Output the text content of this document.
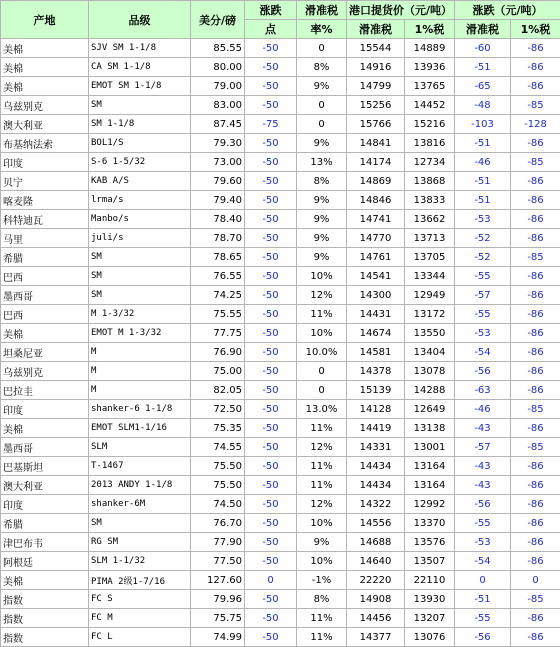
产地	品级	美分/磅	涨跌	滑准税	港口提货价（元/吨）		涨跌（元/吨）	
			点	率%	滑准税	1%税	滑准税	1%税
美棉	SJV SM 1-1/8	85.55	-50	0	15544	14889	-60	-86
美棉	CA SM 1-1/8	80.00	-50	8%	14916	13936	-51	-86
美棉	EMOT SM 1-1/8	79.00	-50	9%	14799	13765	-65	-86
乌兹别克	SM	83.00	-50	0	15256	14452	-48	-85
澳大利亚	SM 1-1/8	87.45	-75	0	15766	15216	-103	-128
布基纳法索	BOL1/S	79.30	-50	9%	14841	13816	-51	-86
印度	S-6 1-5/32	73.00	-50	13%	14174	12734	-46	-85
贝宁	KAB A/S	79.60	-50	8%	14869	13868	-51	-86
喀麦隆	lrma/s	79.40	-50	9%	14846	13833	-51	-86
科特迪瓦	Manbo/s	78.40	-50	9%	14741	13662	-53	-86
马里	juli/s	78.70	-50	9%	14770	13713	-52	-86
希腊	SM	78.65	-50	9%	14761	13705	-52	-85
巴西	SM	76.55	-50	10%	14541	13344	-55	-86
墨西哥	SM	74.25	-50	12%	14300	12949	-57	-86
巴西	M 1-3/32	75.55	-50	11%	14431	13172	-55	-86
美棉	EMOT M 1-3/32	77.75	-50	10%	14674	13550	-53	-86
坦桑尼亚	M	76.90	-50	10.0%	14581	13404	-54	-86
乌兹别克	M	75.00	-50	0	14378	13078	-56	-86
巴拉圭	M	82.05	-50	0	15139	14288	-63	-86
印度	shanker-6 1-1/8	72.50	-50	13.0%	14128	12649	-46	-85
美棉	EMOT SLM1-1/16	75.35	-50	11%	14419	13138	-43	-86
墨西哥	SLM	74.55	-50	12%	14331	13001	-57	-85
巴基斯坦	T-1467	75.50	-50	11%	14434	13164	-43	-86
澳大利亚	2013 ANDY 1-1/8	75.50	-50	11%	14434	13164	-43	-86
印度	shanker-6M	74.50	-50	12%	14322	12992	-56	-86
希腊	SM	76.70	-50	10%	14556	13370	-55	-86
津巴布韦	RG SM	77.90	-50	9%	14688	13576	-53	-86
阿根廷	SLM 1-1/32	77.50	-50	10%	14640	13507	-54	-86
美棉	PIMA 2级1-7/16	127.60	0	-1%	22220	22110	0	0
指数	FC S	79.96	-50	8%	14908	13930	-51	-85
指数	FC M	75.75	-50	11%	14456	13207	-55	-86
指数	FC L	74.99	-50	11%	14377	13076	-56	-86
